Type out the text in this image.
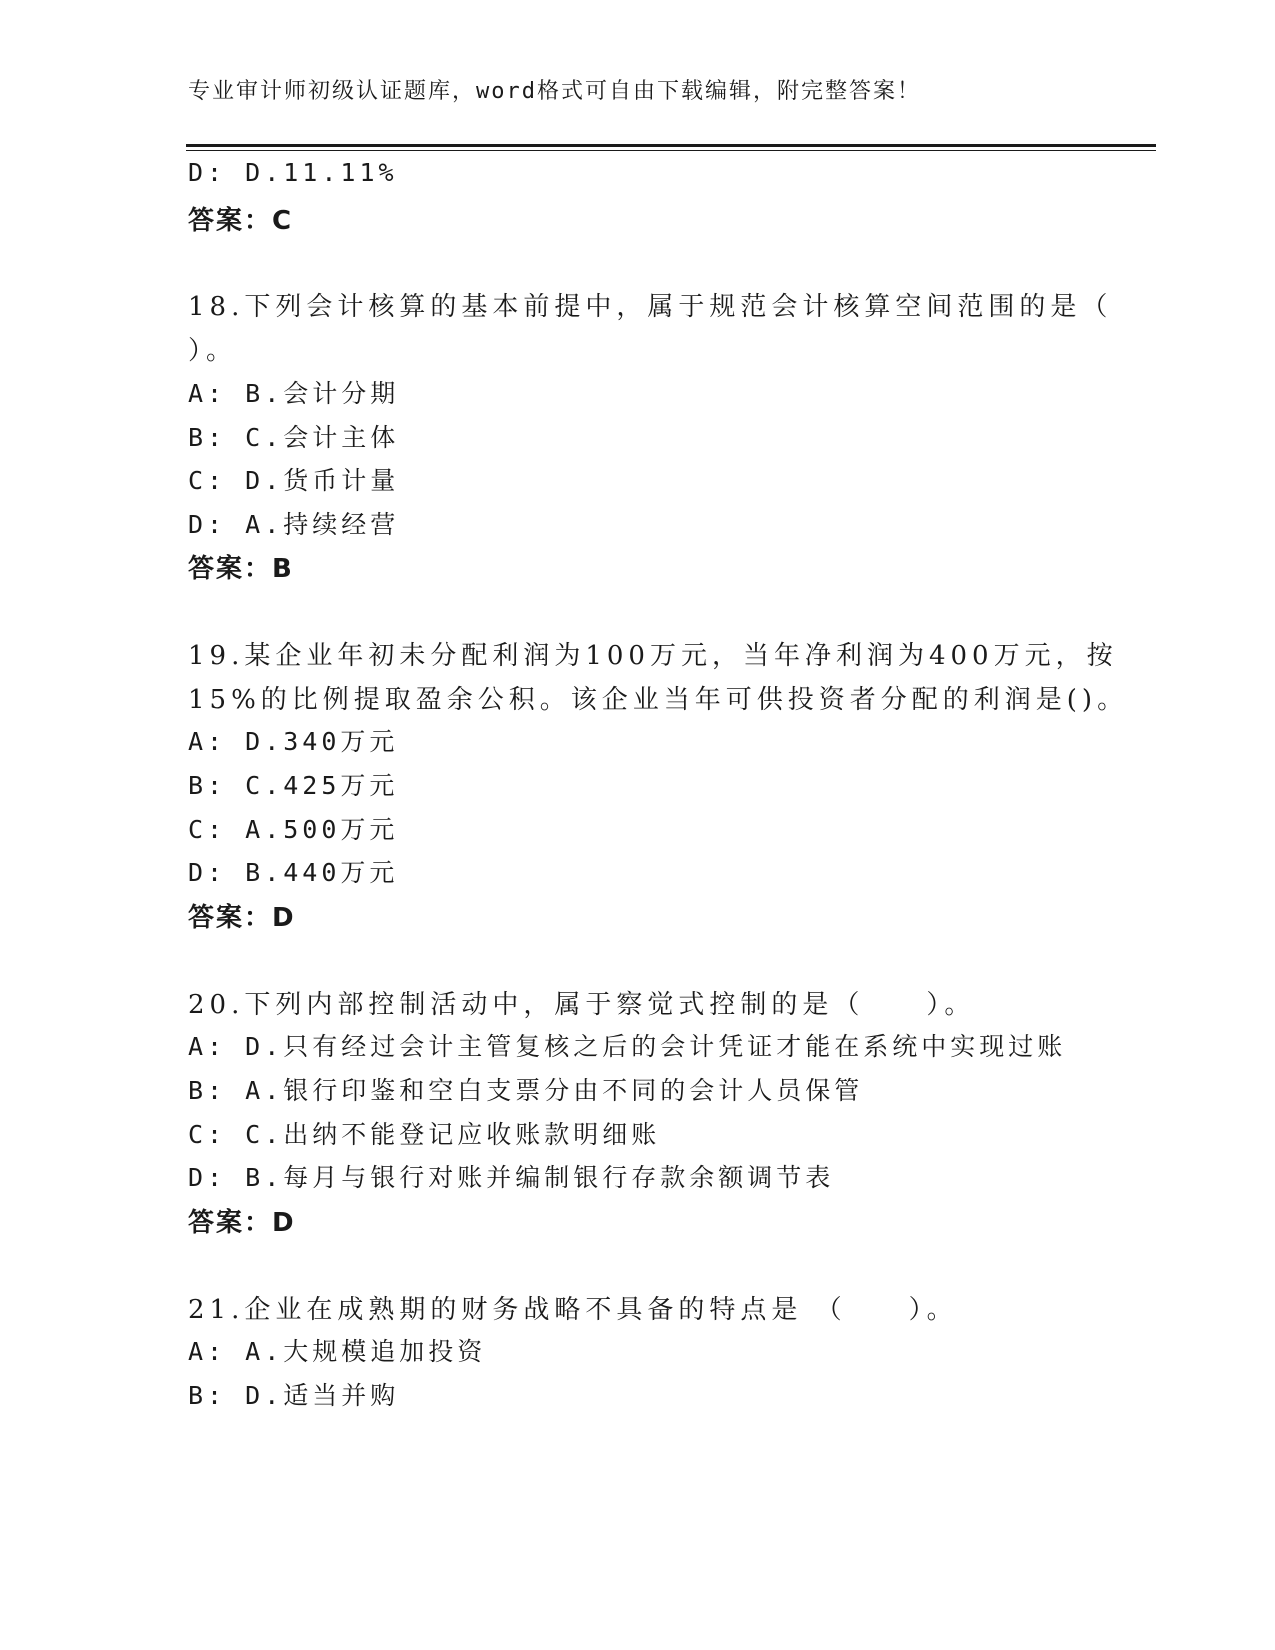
专业审计师初级认证题库，word格式可自由下载编辑，附完整答案！
D: D.11.11%
答案：C
18.下列会计核算的基本前提中，属于规范会计核算空间范围的是（
）。
A: B.会计分期
B: C.会计主体
C: D.货币计量
D: A.持续经营
答案：B
19.某企业年初未分配利润为100万元，当年净利润为400万元，按
15%的比例提取盈余公积。该企业当年可供投资者分配的利润是()。
A: D.340万元
B: C.425万元
C: A.500万元
D: B.440万元
答案：D
20.下列内部控制活动中，属于察觉式控制的是（　　）。
A: D.只有经过会计主管复核之后的会计凭证才能在系统中实现过账
B: A.银行印鉴和空白支票分由不同的会计人员保管
C: C.出纳不能登记应收账款明细账
D: B.每月与银行对账并编制银行存款余额调节表
答案：D
21.企业在成熟期的财务战略不具备的特点是 （　　）。
A: A.大规模追加投资
B: D.适当并购
